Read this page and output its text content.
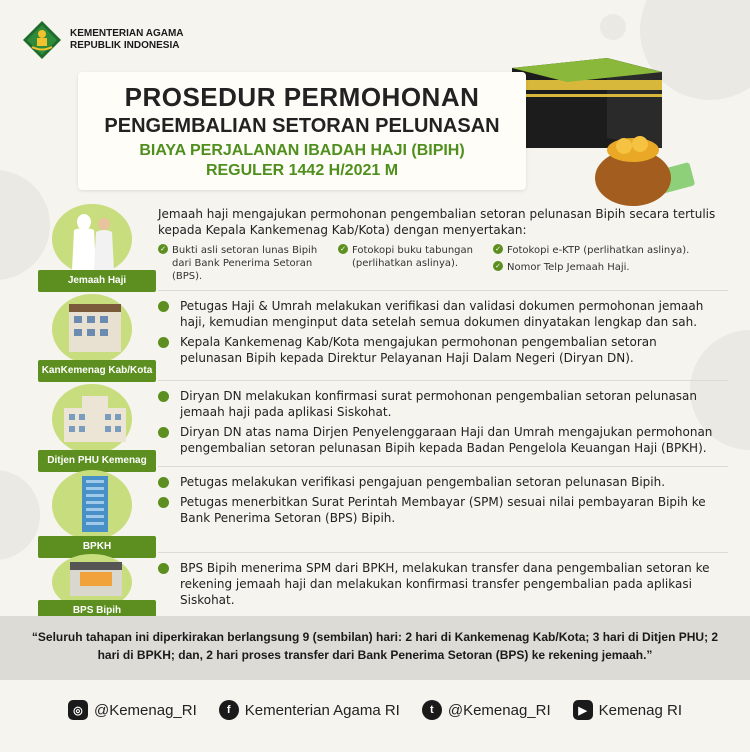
KEMENTERIAN AGAMA
REPUBLIK INDONESIA
PROSEDUR PERMOHONAN
PENGEMBALIAN SETORAN PELUNASAN
BIAYA PERJALANAN IBADAH HAJI (BIPIH)
REGULER 1442 H/2021 M
Jemaah Haji
Jemaah haji mengajukan permohonan pengembalian setoran pelunasan Bipih secara tertulis kepada Kepala Kankemenag Kab/Kota) dengan menyertakan:
✓ Bukti asli setoran lunas Bipih dari Bank Penerima Setoran (BPS).
✓ Fotokopi buku tabungan (perlihatkan aslinya).
✓ Fotokopi e-KTP (perlihatkan aslinya).
✓ Nomor Telp Jemaah Haji.
KanKemenag Kab/Kota
Petugas Haji & Umrah melakukan verifikasi dan validasi dokumen permohonan jemaah haji, kemudian menginput data setelah semua dokumen dinyatakan lengkap dan sah.
Kepala Kankemenag Kab/Kota mengajukan permohonan pengembalian setoran pelunasan Bipih kepada Direktur Pelayanan Haji Dalam Negeri (Diryan DN).
Ditjen PHU Kemenag
Diryan DN melakukan konfirmasi surat permohonan pengembalian setoran pelunasan jemaah haji pada aplikasi Siskohat.
Diryan DN atas nama Dirjen Penyelenggaraan Haji dan Umrah mengajukan permohonan pengembalian setoran pelunasan Bipih kepada Badan Pengelola Keuangan Haji (BPKH).
BPKH
Petugas melakukan verifikasi pengajuan pengembalian setoran pelunasan Bipih.
Petugas menerbitkan Surat Perintah Membayar (SPM) sesuai nilai pembayaran Bipih ke Bank Penerima Setoran (BPS) Bipih.
BPS Bipih
BPS Bipih menerima SPM dari BPKH, melakukan transfer dana pengembalian setoran ke rekening jemaah haji dan melakukan konfirmasi transfer pengembalian pada aplikasi Siskohat.
“Seluruh tahapan ini diperkirakan berlangsung 9 (sembilan) hari: 2 hari di Kankemenag Kab/Kota; 3 hari di Ditjen PHU; 2 hari di BPKH; dan, 2 hari proses transfer dari Bank Penerima Setoran (BPS) ke rekening jemaah.”
◎ @Kemenag_RI	f Kementerian Agama RI	t @Kemenag_RI	▶ Kemenag RI
